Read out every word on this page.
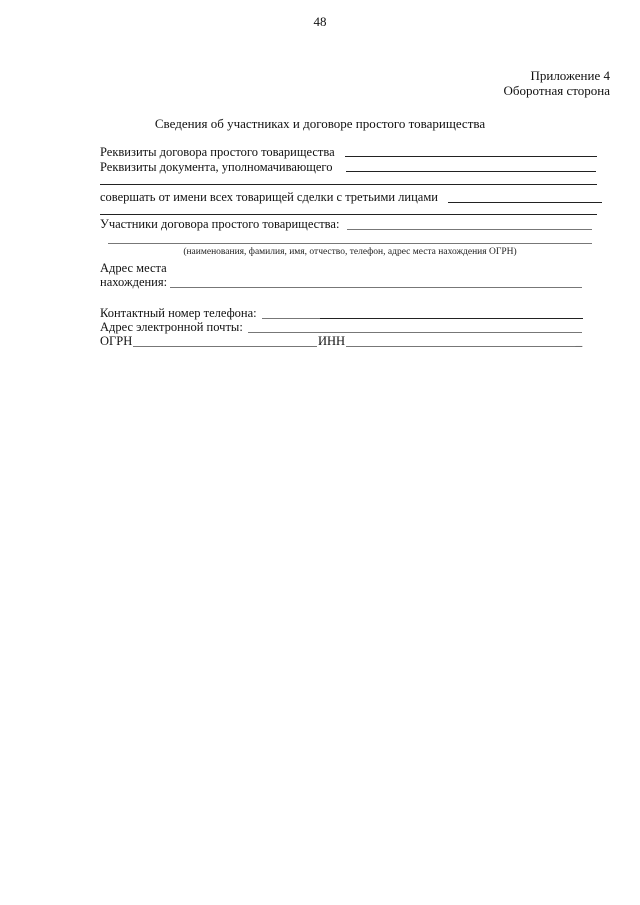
48
Приложение 4
Оборотная сторона
Сведения об участниках и договоре простого товарищества
Реквизиты договора простого товарищества
Реквизиты документа, уполномачивающего
совершать от имени всех товарищей сделки с третьими лицами
Участники договора простого товарищества:
(наименования, фамилия, имя, отчество, телефон, адрес места нахождения ОГРН)
Адрес места
нахождения:
Контактный номер телефона:
Адрес электронной почты:
ОГРН	ИНН	_
